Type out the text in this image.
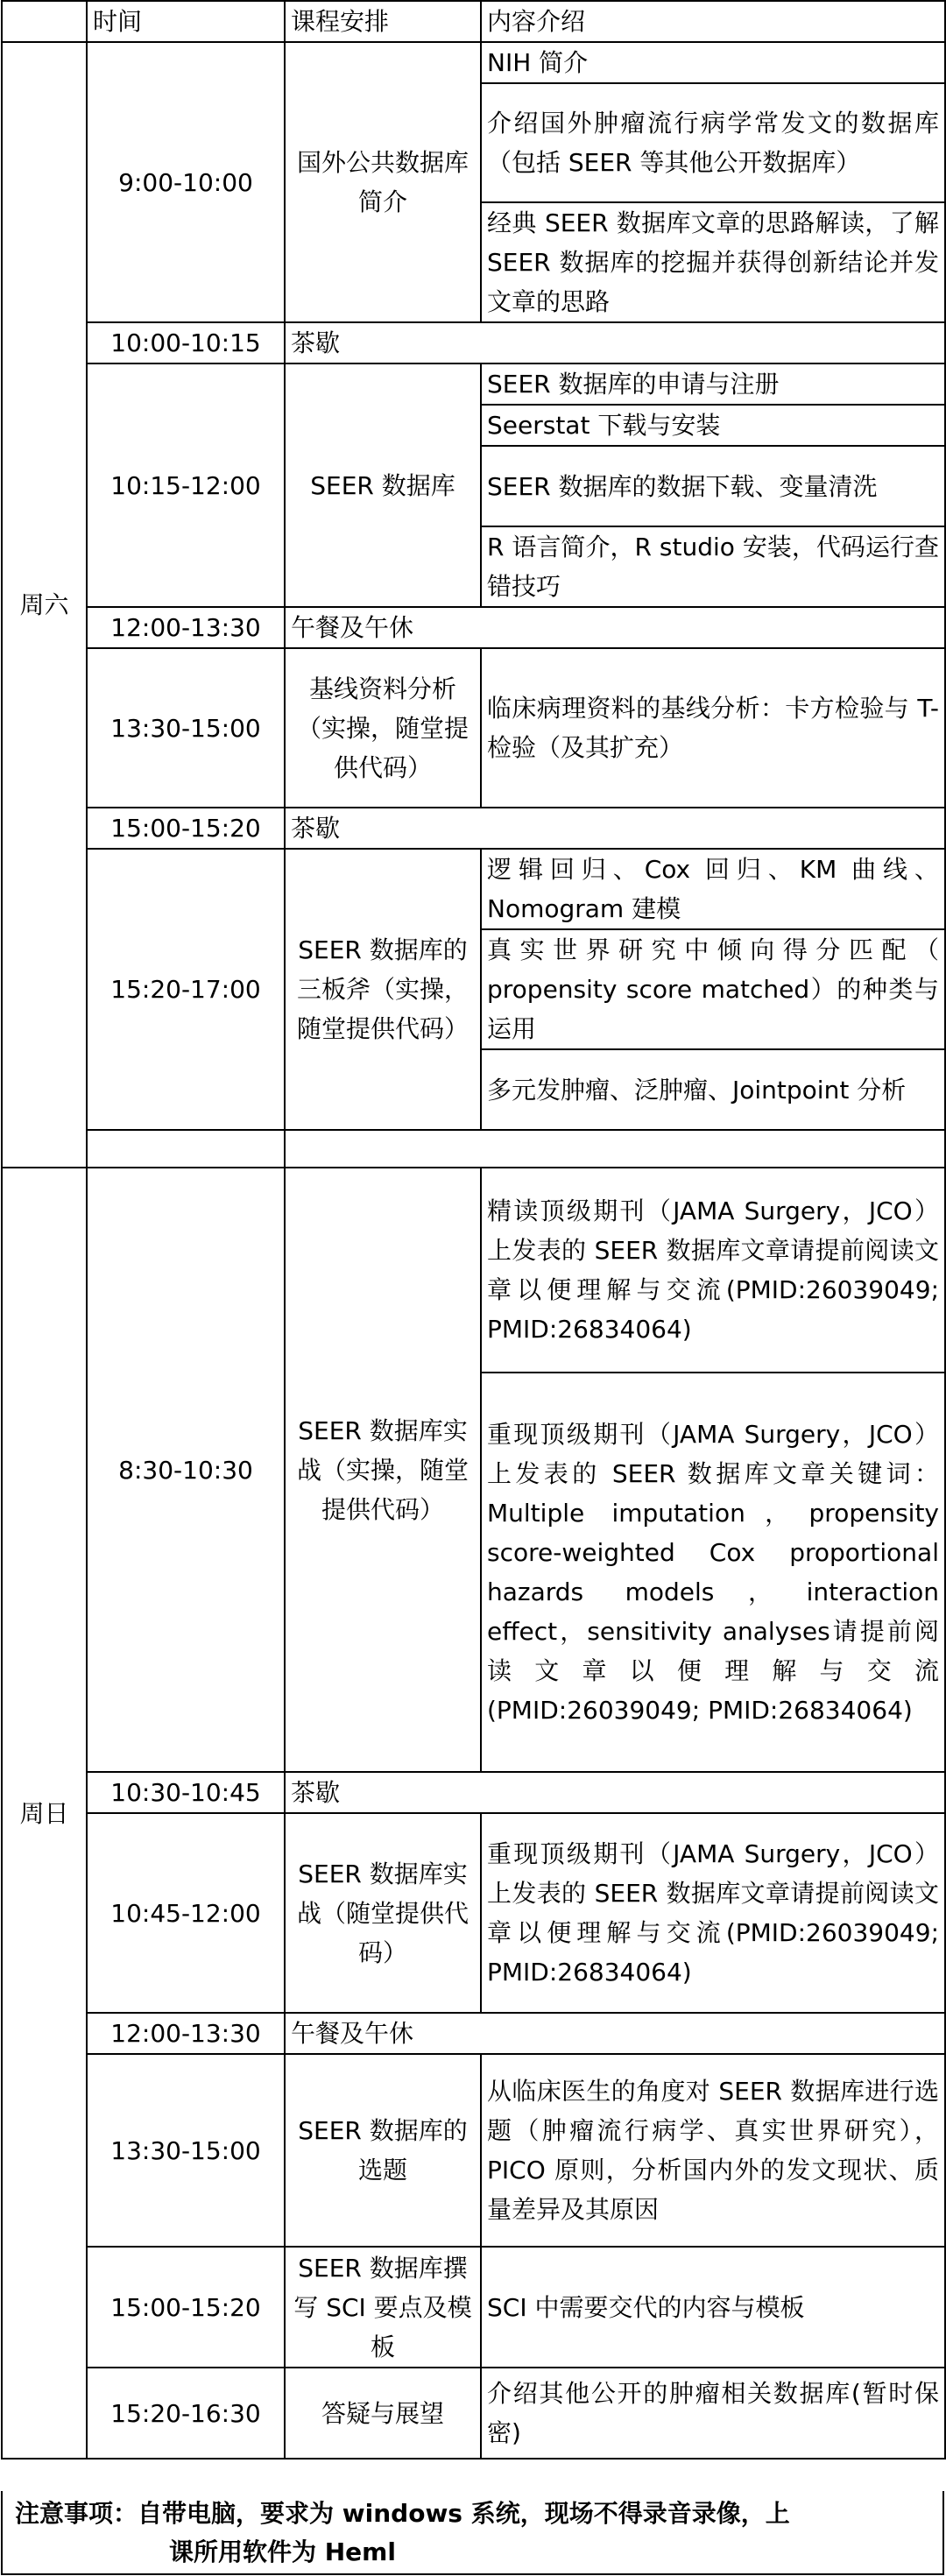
	时间	课程安排	内容介绍
周六	9:00-10:00	国外公共数据库简介	NIH 简介

			介绍国外肿瘤流行病学常发文的数据库（包括 SEER 等其他公开数据库）

			经典 SEER 数据库文章的思路解读，了解 SEER 数据库的挖掘并获得创新结论并发文章的思路

	10:00-10:15	茶歇	
	10:15-12:00	SEER 数据库	SEER 数据库的申请与注册

			Seerstat 下载与安装

			SEER 数据库的数据下载、变量清洗

			R 语言简介，R studio 安装，代码运行查错技巧

	12:00-13:30	午餐及午休	
	13:30-15:00	基线资料分析（实操，随堂提供代码）	临床病理资料的基线分析：卡方检验与 T-检验（及其扩充）

	15:00-15:20	茶歇	
	15:20-17:00	SEER 数据库的三板斧（实操，随堂提供代码）	逻辑回归、Cox 回归、KM 曲线、Nomogram 建模

			真实世界研究中倾向得分匹配（ propensity score matched）的种类与运用

			多元发肿瘤、泛肿瘤、Jointpoint 分析

周日	8:30-10:30	SEER 数据库实战（实操，随堂提供代码）	精读顶级期刊（JAMA Surgery，JCO）上发表的 SEER 数据库文章请提前阅读文章以便理解与交流(PMID:26039049; PMID:26834064)

			重现顶级期刊（JAMA Surgery，JCO）上发表的 SEER 数据库文章关键词：Multiple imputation，propensity score-weighted Cox proportional hazards models，interaction effect，sensitivity analyses请提前阅读文章以便理解与交流(PMID:26039049; PMID:26834064)

	10:30-10:45	茶歇	
	10:45-12:00	SEER 数据库实战（随堂提供代码）	重现顶级期刊（JAMA Surgery，JCO）上发表的 SEER 数据库文章请提前阅读文章以便理解与交流(PMID:26039049; PMID:26834064)

	12:00-13:30	午餐及午休	
	13:30-15:00	SEER 数据库的选题	从临床医生的角度对 SEER 数据库进行选题（肿瘤流行病学、真实世界研究），PICO 原则，分析国内外的发文现状、质量差异及其原因

	15:00-15:20	SEER 数据库撰写 SCI 要点及模板	SCI 中需要交代的内容与模板

	15:20-16:30	答疑与展望	介绍其他公开的肿瘤相关数据库(暂时保密)

注意事项：自带电脑，要求为 windows 系统，现场不得录音录像，上
课所用软件为 Heml
